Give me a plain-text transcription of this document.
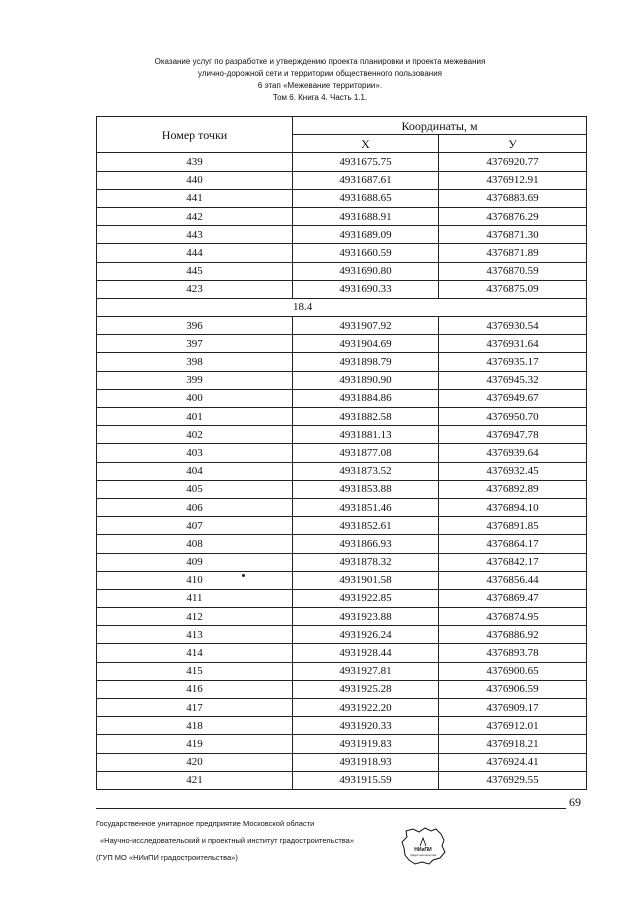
Оказание услуг по разработке и утверждению проекта планировки и проекта межевания
улично-дорожной сети и территории общественного пользования
6 этап «Межевание территории».
Том 6. Книга 4. Часть 1.1.
Номер точки	Координаты, м	
	X	У
439	4931675.75	4376920.77
440	4931687.61	4376912.91
441	4931688.65	4376883.69
442	4931688.91	4376876.29
443	4931689.09	4376871.30
444	4931660.59	4376871.89
445	4931690.80	4376870.59
423	4931690.33	4376875.09
18.4		
396	4931907.92	4376930.54
397	4931904.69	4376931.64
398	4931898.79	4376935.17
399	4931890.90	4376945.32
400	4931884.86	4376949.67
401	4931882.58	4376950.70
402	4931881.13	4376947.78
403	4931877.08	4376939.64
404	4931873.52	4376932.45
405	4931853.88	4376892.89
406	4931851.46	4376894.10
407	4931852.61	4376891.85
408	4931866.93	4376864.17
409	4931878.32	4376842.17
410	4931901.58	4376856.44
411	4931922.85	4376869.47
412	4931923.88	4376874.95
413	4931926.24	4376886.92
414	4931928.44	4376893.78
415	4931927.81	4376900.65
416	4931925.28	4376906.59
417	4931922.20	4376909.17
418	4931920.33	4376912.01
419	4931919.83	4376918.21
420	4931918.93	4376924.41
421	4931915.59	4376929.55
69
Государственное унитарное предприятие Московской области
«Научно-исследовательский и проектный институт градостроительства»
(ГУП МО «НИиПИ градостроительства»)
НИиПИ
градостроительства
